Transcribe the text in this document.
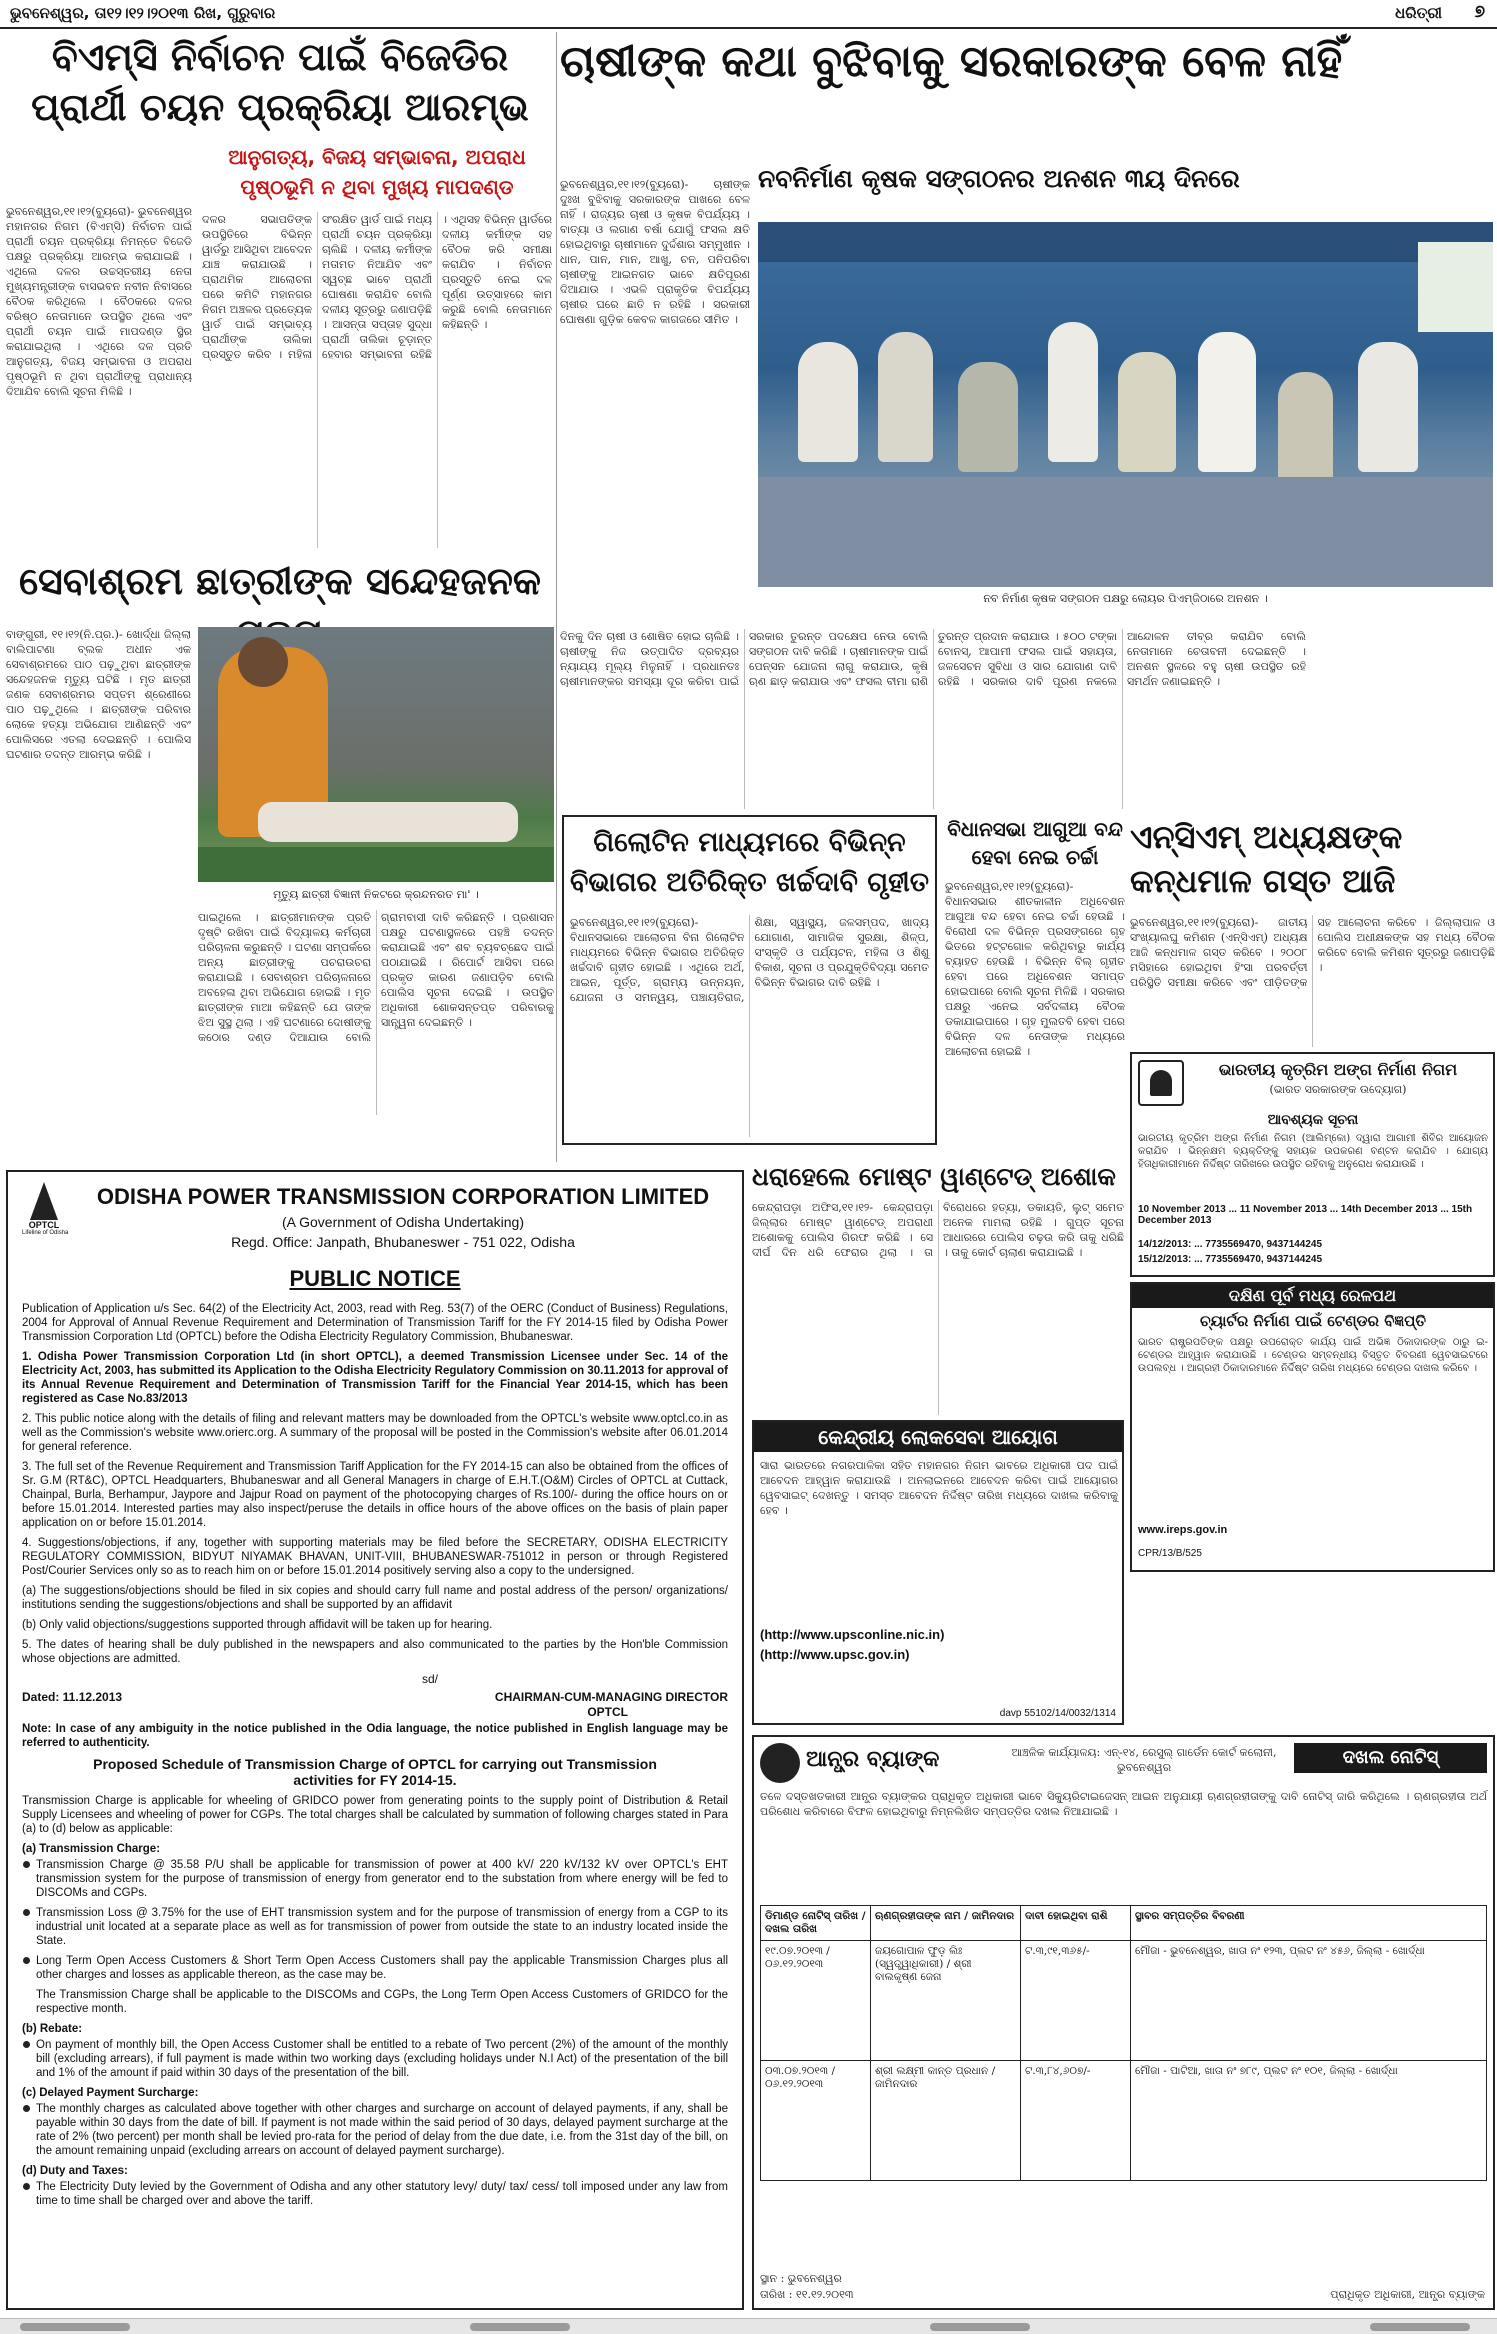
ଭୁବନେଶ୍ୱର, ତା୧୨।୧୨।୨୦୧୩ ରିଖ, ଗୁରୁବାର	ଧରିତ୍ରୀ ୭
ବିଏମ୍‌ସି ନିର୍ବାଚନ ପାଇଁ ବିଜେଡିର ପ୍ରାର୍ଥୀ ଚୟନ ପ୍ରକ୍ରିୟା ଆରମ୍ଭ
ଭୁବନେଶ୍ୱର,୧୧।୧୨(ବ୍ୟୁରୋ)- ଭୁବନେଶ୍ୱର ମହାନଗର ନିଗମ (ବିଏମ୍‌ସି) ନିର୍ବାଚନ ପାଇଁ ପ୍ରାର୍ଥୀ ଚୟନ ପ୍ରକ୍ରିୟା ନିମନ୍ତେ ବିଜେଡି ପକ୍ଷରୁ ପ୍ରକ୍ରିୟା ଆରମ୍ଭ କରାଯାଇଛି । ଏଥିଲେ ଦଳର ଉଚ୍ଚସ୍ତରୀୟ ନେତା ମୁଖ୍ୟମନ୍ତ୍ରୀଙ୍କ ବାସଭବନ ନବୀନ ନିବାସରେ ବୈଠକ କରିଥିଲେ । ବୈଠକରେ ଦଳର ବରିଷ୍ଠ ନେତାମାନେ ଉପସ୍ଥିତ ଥିଲେ ଏବଂ ପ୍ରାର୍ଥୀ ଚୟନ ପାଇଁ ମାପଦଣ୍ଡ ସ୍ଥିର କରାଯାଇଥିଲା । ଏଥିରେ ଦଳ ପ୍ରତି ଆନୁଗତ୍ୟ, ବିଜୟ ସମ୍ଭାବନା ଓ ଅପରାଧ ପୃଷ୍ଠଭୂମି ନ ଥିବା ପ୍ରାର୍ଥୀଙ୍କୁ ପ୍ରାଧାନ୍ୟ ଦିଆଯିବ ବୋଲି ସୂଚନା ମିଳିଛି ।
ଆନୁଗତ୍ୟ, ବିଜୟ ସମ୍ଭାବନା, ଅପରାଧ ପୃଷ୍ଠଭୂମି ନ ଥିବା ମୁଖ୍ୟ ମାପଦଣ୍ଡ
ଦଳର ସଭାପତିଙ୍କ ଉପସ୍ଥିତିରେ ବିଭିନ୍ନ ୱାର୍ଡରୁ ଆସିଥିବା ଆବେଦନ ଯାଞ୍ଚ କରାଯାଉଛି । ପ୍ରାଥମିକ ଆଲୋଚନା ପରେ କମିଟି ମହାନଗର ନିଗମ ଅଞ୍ଚଳର ପ୍ରତ୍ୟେକ ୱାର୍ଡ ପାଇଁ ସମ୍ଭାବ୍ୟ ପ୍ରାର୍ଥୀଙ୍କ ତାଲିକା ପ୍ରସ୍ତୁତ କରିବ । ମହିଳା ସଂରକ୍ଷିତ ୱାର୍ଡ ପାଇଁ ମଧ୍ୟ ପ୍ରାର୍ଥୀ ଚୟନ ପ୍ରକ୍ରିୟା ଚାଲିଛି । ଦଳୀୟ କର୍ମୀଙ୍କ ମତାମତ ନିଆଯିବ ଏବଂ ସ୍ୱଚ୍ଛ ଭାବେ ପ୍ରାର୍ଥୀ ଘୋଷଣା କରାଯିବ ବୋଲି ଦଳୀୟ ସୂତ୍ରରୁ ଜଣାପଡ଼ିଛି । ଆସନ୍ତା ସପ୍ତାହ ସୁଦ୍ଧା ପ୍ରାର୍ଥୀ ତାଲିକା ଚୂଡ଼ାନ୍ତ ହେବାର ସମ୍ଭାବନା ରହିଛି । ଏଥିସହ ବିଭିନ୍ନ ୱାର୍ଡରେ ଦଳୀୟ କର୍ମୀଙ୍କ ସହ ବୈଠକ କରି ସମୀକ୍ଷା କରାଯିବ । ନିର୍ବାଚନ ପ୍ରସ୍ତୁତି ନେଇ ଦଳ ପୂର୍ଣ୍ଣ ଉତ୍ସାହରେ କାମ କରୁଛି ବୋଲି ନେତାମାନେ କହିଛନ୍ତି ।
ଚାଷୀଙ୍କ କଥା ବୁଝିବାକୁ ସରକାରଙ୍କ ବେଳ ନାହିଁ
ଭୁବନେଶ୍ୱର,୧୧।୧୨(ବ୍ୟୁରୋ)- ଚାଷୀଙ୍କ ଦୁଃଖ ବୁଝିବାକୁ ସରକାରଙ୍କ ପାଖରେ ବେଳ ନାହିଁ । ରାଜ୍ୟର ଚାଷୀ ଓ କୃଷକ ବିପର୍ଯ୍ୟୟ । ବାତ୍ୟା ଓ ଲଗାଣ ବର୍ଷା ଯୋଗୁଁ ଫସଲ କ୍ଷତି ହୋଇଥିବାରୁ ଚାଷୀମାନେ ଦୁର୍ଦ୍ଦଶାର ସମ୍ମୁଖୀନ । ଧାନ, ପାନ, ମାନ, ଆଖୁ, ଚନ, ପନିପରିବା ଚାଷୀଙ୍କୁ ଆଇନଗତ ଭାବେ କ୍ଷତିପୂରଣ ଦିଆଯାଉ । ଏଭଳି ପ୍ରାକୃତିକ ବିପର୍ଯ୍ୟୟ ଚାଷୀର ଘରେ ଛାତି ନ ରହିଛି । ସରକାରୀ ଘୋଷଣା ଗୁଡ଼ିକ କେବଳ କାଗଜରେ ସୀମିତ ।
ନବନିର୍ମାଣ କୃଷକ ସଙ୍ଗଠନର ଅନଶନ ୩ୟ ଦିନରେ
ନବ ନିର୍ମାଣ କୃଷକ ସଙ୍ଗଠନ ପକ୍ଷରୁ ଲୋୟର ପିଏମ୍‌ଜିଠାରେ ଅନଶନ ।
ଦିନକୁ ଦିନ ଚାଷୀ ଓ ଶୋଷିତ ହୋଇ ଚାଲିଛି । ଚାଷୀଙ୍କୁ ନିଜ ଉତ୍ପାଦିତ ଦ୍ରବ୍ୟର ନ୍ୟାଯ୍ୟ ମୂଲ୍ୟ ମିଳୁନାହିଁ । ପ୍ରଧାନତଃ ଚାଷୀମାନଙ୍କର ସମସ୍ୟା ଦୂର କରିବା ପାଇଁ ସରକାର ତୁରନ୍ତ ପଦକ୍ଷେପ ନେଉ ବୋଲି ସଙ୍ଗଠନ ଦାବି କରିଛି । ଚାଷୀମାନଙ୍କ ପାଇଁ ପେନ୍‌ସନ ଯୋଜନା ଲାଗୁ କରାଯାଉ, କୃଷି ଋଣ ଛାଡ଼ କରାଯାଉ ଏବଂ ଫସଲ ବୀମା ରାଶି ତୁରନ୍ତ ପ୍ରଦାନ କରାଯାଉ । ୫୦୦ ଟଙ୍କା ବୋନସ୍‌, ଆପାମୀ ଫସଲ ପାଇଁ ସହାୟତା, ଜଳସେଚନ ସୁବିଧା ଓ ସାର ଯୋଗାଣ ଦାବି ରହିଛି । ସରକାର ଦାବି ପୂରଣ ନକଲେ ଆନ୍ଦୋଳନ ତୀବ୍ର କରାଯିବ ବୋଲି ନେତାମାନେ ଚେତାବନୀ ଦେଇଛନ୍ତି । ଅନଶନ ସ୍ଥଳରେ ବହୁ ଚାଷୀ ଉପସ୍ଥିତ ରହି ସମର୍ଥନ ଜଣାଇଛନ୍ତି ।
ସେବାଶ୍ରମ ଛାତ୍ରୀଙ୍କ ସନ୍ଦେହଜନକ
ବାଙ୍ଗୁରୀ, ୧୧।୧୨(ନି.ପ୍ର.)- ଖୋର୍ଦ୍ଧା ଜିଲ୍ଲା ବାଲିପାଟଣା ବ୍ଲକ ଅଧୀନ ଏକ ସେବାଶ୍ରମରେ ପାଠ ପଢ଼ୁଥିବା ଛାତ୍ରୀଙ୍କ ସନ୍ଦେହଜନକ ମୃତ୍ୟୁ ଘଟିଛି । ମୃତ ଛାତ୍ରୀ ଜଣକ ସେବାଶ୍ରମର ସପ୍ତମ ଶ୍ରେଣୀରେ ପାଠ ପଢ଼ୁଥିଲେ । ଛାତ୍ରୀଙ୍କ ପରିବାର ଲୋକେ ହତ୍ୟା ଅଭିଯୋଗ ଆଣିଛନ୍ତି ଏବଂ ପୋଲିସରେ ଏତଲା ଦେଇଛନ୍ତି । ପୋଲିସ ଘଟଣାର ତଦନ୍ତ ଆରମ୍ଭ କରିଛି ।
ମୃତ୍ୟୁ ଛାତ୍ରୀ ବିଜ୍ଞାନୀ ନିକଟରେ କ୍ରନ୍ଦନରତ ମା' ।
ପାଇଥିଲେ । ଛାତ୍ରୀମାନଙ୍କ ପ୍ରତି ଦୃଷ୍ଟି ରଖିବା ପାଇଁ ବିଦ୍ୟାଳୟ କର୍ମଚାରୀ ପରିଚାଳନା କରୁଛନ୍ତି । ଘଟଣା ସମ୍ପର୍କରେ ଅନ୍ୟ ଛାତ୍ରୀଙ୍କୁ ପଚରାଉଚରା କରାଯାଇଛି । ସେବାଶ୍ରମ ପରିଚାଳନାରେ ଅବହେଳା ଥିବା ଅଭିଯୋଗ ହୋଇଛି । ମୃତ ଛାତ୍ରୀଙ୍କ ମାଆ କହିଛନ୍ତି ଯେ ତାଙ୍କ ଝିଅ ସୁସ୍ଥ ଥିଲା । ଏହି ଘଟଣାରେ ଦୋଷୀଙ୍କୁ କଠୋର ଦଣ୍ଡ ଦିଆଯାଉ ବୋଲି ଗ୍ରାମବାସୀ ଦାବି କରିଛନ୍ତି । ପ୍ରଶାସନ ପକ୍ଷରୁ ଘଟଣାସ୍ଥଳରେ ପହଞ୍ଚି ତଦନ୍ତ କରାଯାଇଛି ଏବଂ ଶବ ବ୍ୟବଚ୍ଛେଦ ପାଇଁ ପଠାଯାଇଛି । ରିପୋର୍ଟ ଆସିବା ପରେ ପ୍ରକୃତ କାରଣ ଜଣାପଡ଼ିବ ବୋଲି ପୋଲିସ ସୂଚନା ଦେଇଛି । ଉପସ୍ଥିତ ଅଧିକାରୀ ଶୋକସନ୍ତପ୍ତ ପରିବାରକୁ ସାନ୍ତ୍ୱନା ଦେଇଛନ୍ତି ।
ଗିଲୋଟିନ ମାଧ୍ୟମରେ ବିଭିନ୍ନ ବିଭାଗର ଅତିରିକ୍ତ ଖର୍ଚ୍ଚଦାବି ଗୃହୀତ
ଭୁବନେଶ୍ୱର,୧୧।୧୨(ବ୍ୟୁରୋ)- ବିଧାନସଭାରେ ଆଲୋଚନା ବିନା ଗିଲୋଟିନ ମାଧ୍ୟମରେ ବିଭିନ୍ନ ବିଭାଗର ଅତିରିକ୍ତ ଖର୍ଚ୍ଚଦାବି ଗୃହୀତ ହୋଇଛି । ଏଥିରେ ଅର୍ଥ, ଆଇନ, ପୂର୍ତ୍ତ, ଗ୍ରାମ୍ୟ ଉନ୍ନୟନ, ଯୋଜନା ଓ ସମନ୍ୱୟ, ପଞ୍ଚାୟତିରାଜ, ଶିକ୍ଷା, ସ୍ୱାସ୍ଥ୍ୟ, ଜଳସମ୍ପଦ, ଖାଦ୍ୟ ଯୋଗାଣ, ସାମାଜିକ ସୁରକ୍ଷା, ଶିଳ୍ପ, ସଂସ୍କୃତି ଓ ପର୍ଯ୍ୟଟନ, ମହିଳା ଓ ଶିଶୁ ବିକାଶ, ସୂଚନା ଓ ପ୍ରଯୁକ୍ତିବିଦ୍ୟା ସମେତ ବିଭିନ୍ନ ବିଭାଗର ଦାବି ରହିଛି ।
ବିଧାନସଭା ଆଗୁଆ ବନ୍ଦ ହେବା ନେଇ ଚର୍ଚ୍ଚା
ଭୁବନେଶ୍ୱର,୧୧।୧୨(ବ୍ୟୁରୋ)- ବିଧାନସଭାର ଶୀତକାଳୀନ ଅଧିବେଶନ ଆଗୁଆ ବନ୍ଦ ହେବା ନେଇ ଚର୍ଚ୍ଚା ହେଉଛି । ବିରୋଧୀ ଦଳ ବିଭିନ୍ନ ପ୍ରସଙ୍ଗରେ ଗୃହ ଭିତରେ ହଟ୍ଟଗୋଳ କରିଥିବାରୁ କାର୍ଯ୍ୟ ବ୍ୟାହତ ହେଉଛି । ବିଭିନ୍ନ ବିଲ୍ ଗୃହୀତ ହେବା ପରେ ଅଧିବେଶନ ସମାପ୍ତ ହୋଇପାରେ ବୋଲି ସୂଚନା ମିଳିଛି । ସରକାର ପକ୍ଷରୁ ଏନେଇ ସର୍ବଦଳୀୟ ବୈଠକ ଡକାଯାଇପାରେ । ଗୃହ ମୁଲତବି ହେବା ପରେ ବିଭିନ୍ନ ଦଳ ନେତାଙ୍କ ମଧ୍ୟରେ ଆଲୋଚନା ହୋଇଛି ।
ଏନ୍‌ସିଏମ୍ ଅଧ୍ୟକ୍ଷଙ୍କ କନ୍ଧମାଳ ଗସ୍ତ ଆଜି
ଭୁବନେଶ୍ୱର,୧୧।୧୨(ବ୍ୟୁରୋ)- ଜାତୀୟ ସଂଖ୍ୟାଲଘୁ କମିଶନ (ଏନ୍‌ସିଏମ୍) ଅଧ୍ୟକ୍ଷ ଆଜି କନ୍ଧମାଳ ଗସ୍ତ କରିବେ । ୨୦୦୮ ମସିହାରେ ହୋଇଥିବା ହିଂସା ପରବର୍ତ୍ତୀ ପରିସ୍ଥିତି ସମୀକ୍ଷା କରିବେ ଏବଂ ପୀଡ଼ିତଙ୍କ ସହ ଆଲୋଚନା କରିବେ । ଜିଲ୍ଲାପାଳ ଓ ପୋଲିସ ଅଧୀକ୍ଷକଙ୍କ ସହ ମଧ୍ୟ ବୈଠକ କରିବେ ବୋଲି କମିଶନ ସୂତ୍ରରୁ ଜଣାପଡ଼ିଛି ।
ଭାରତୀୟ କୃତ୍ରିମ ଅଙ୍ଗ ନିର୍ମାଣ ନିଗମ
(ଭାରତ ସରକାରଙ୍କ ଉଦ୍ୟୋଗ)
ଆବଶ୍ୟକ ସୂଚନା
ଭାରତୀୟ କୃତ୍ରିମ ଅଙ୍ଗ ନିର୍ମାଣ ନିଗମ (ଆଲିମ୍‌କୋ) ଦ୍ୱାରା ଆଗାମୀ ଶିବିର ଆୟୋଜନ କରାଯିବ । ଭିନ୍ନକ୍ଷମ ବ୍ୟକ୍ତିଙ୍କୁ ସହାୟକ ଉପକରଣ ବଣ୍ଟନ କରାଯିବ । ଯୋଗ୍ୟ ହିତାଧିକାରୀମାନେ ନିର୍ଦ୍ଦିଷ୍ଟ ତାରିଖରେ ଉପସ୍ଥିତ ରହିବାକୁ ଅନୁରୋଧ କରାଯାଉଛି ।
10 November 2013 ... 11 November 2013 ... 14th December 2013 ... 15th December 2013
14/12/2013: ... 7735569470, 9437144245
15/12/2013: ... 7735569470, 9437144245
ଦକ୍ଷିଣ ପୂର୍ବ ମଧ୍ୟ ରେଳପଥ
ଚ୍ୟାର୍ଟର ନିର୍ମାଣ ପାଇଁ ଟେଣ୍ଡର ବିଜ୍ଞପ୍ତି
ଭାରତ ରାଷ୍ଟ୍ରପତିଙ୍କ ପକ୍ଷରୁ ଉପରୋକ୍ତ କାର୍ଯ୍ୟ ପାଇଁ ଅଭିଜ୍ଞ ଠିକାଦାରଙ୍କ ଠାରୁ ଇ-ଟେଣ୍ଡର ଆହ୍ୱାନ କରାଯାଉଛି । ଟେଣ୍ଡର ସମ୍ବନ୍ଧୀୟ ବିସ୍ତୃତ ବିବରଣୀ ୱେବସାଇଟରେ ଉପଲବ୍ଧ । ଆଗ୍ରହୀ ଠିକାଦାରମାନେ ନିର୍ଦ୍ଦିଷ୍ଟ ତାରିଖ ମଧ୍ୟରେ ଟେଣ୍ଡର ଦାଖଲ କରିବେ ।
www.ireps.gov.in
CPR/13/B/525
ଧରାହେଲେ ମୋଷ୍ଟ ୱାଣ୍ଟେଡ୍ ଅଶୋକ
କେନ୍ଦ୍ରାପଡ଼ା ଅଫିସ,୧୧।୧୨- କେନ୍ଦ୍ରାପଡ଼ା ଜିଲ୍ଲାର ମୋଷ୍ଟ ୱାଣ୍ଟେଡ୍ ଅପରାଧୀ ଅଶୋକକୁ ପୋଲିସ ଗିରଫ କରିଛି । ସେ ଦୀର୍ଘ ଦିନ ଧରି ଫେରାର ଥିଲା । ତା ବିରୋଧରେ ହତ୍ୟା, ଡକାୟତି, ଲୁଟ୍ ସମେତ ଅନେକ ମାମଲା ରହିଛି । ଗୁପ୍ତ ସୂଚନା ଆଧାରରେ ପୋଲିସ ଚଢ଼ଉ କରି ତାକୁ ଧରିଛି । ତାକୁ କୋର୍ଟ ଚାଲାଣ କରାଯାଇଛି ।
କେନ୍ଦ୍ରୀୟ ଲୋକସେବା ଆୟୋଗ
ସାରା ଭାରତରେ ନଗରପାଳିକା ସହିତ ମହାନଗର ନିଗମ ଭାବରେ ଅଧିକାରୀ ପଦ ପାଇଁ ଆବେଦନ ଆହ୍ୱାନ କରାଯାଉଛି । ଅନଲାଇନରେ ଆବେଦନ କରିବା ପାଇଁ ଆୟୋଗର ୱେବସାଇଟ୍ ଦେଖନ୍ତୁ । ସମସ୍ତ ଆବେଦନ ନିର୍ଦ୍ଦିଷ୍ଟ ତାରିଖ ମଧ୍ୟରେ ଦାଖଲ କରିବାକୁ ହେବ ।
(http://www.upsconline.nic.in)
(http://www.upsc.gov.in)
davp 55102/14/0032/1314
ଆନ୍ଧ୍ର ବ୍ୟାଙ୍କ	ଆଞ୍ଚଳିକ କାର୍ଯ୍ୟାଳୟ: ଏନ୍-୧୪, ରେସୁଲ୍ ଗାର୍ଡେନ କୋର୍ଟ କଲୋନୀ, ଭୁବନେଶ୍ୱର	ଦଖଲ ନୋଟିସ୍
ତଳେ ଦସ୍ତଖତକାରୀ ଆନ୍ଧ୍ର ବ୍ୟାଙ୍କର ପ୍ରାଧିକୃତ ଅଧିକାରୀ ଭାବେ ସିକ୍ୟୁରିଟାଇଜେସନ୍ ଆଇନ ଅନୁଯାୟୀ ଋଣଗ୍ରହୀତାଙ୍କୁ ଦାବି ନୋଟିସ୍ ଜାରି କରିଥିଲେ । ଋଣଗ୍ରହୀତା ଅର୍ଥ ପରିଶୋଧ କରିବାରେ ବିଫଳ ହୋଇଥିବାରୁ ନିମ୍ନଲିଖିତ ସମ୍ପତ୍ତିର ଦଖଲ ନିଆଯାଇଛି ।
ଡିମାଣ୍ଡ ନୋଟିସ୍ ତାରିଖ / ଦଖଲ ତାରିଖ	ଋଣଗ୍ରହୀତାଙ୍କ ନାମ / ଜାମିନଦାର	ଦାବୀ ହୋଇଥିବା ରାଶି	ସ୍ଥାବର ସମ୍ପତ୍ତିର ବିବରଣୀ
୧୯.୦୭.୨୦୧୩ / ୦୬.୧୨.୨୦୧୩	ଜୟଗୋପାଳ ଫୁଡ଼ ଲିଃ (ସ୍ୱତ୍ତ୍ୱାଧିକାରୀ) / ଶ୍ରୀ ବାଲକୃଷ୍ଣ ଜେନା	ଟ.୩,୯୧,୩୬୫/-	ମୌଜା - ଭୁବନେଶ୍ୱର, ଖାତା ନଂ ୧୨୩, ପ୍ଲଟ ନଂ ୪୫୬, ଜିଲ୍ଲା - ଖୋର୍ଦ୍ଧା
୦୩.୦୭.୨୦୧୩ / ୦୬.୧୨.୨୦୧୩	ଶ୍ରୀ ଲକ୍ଷ୍ମୀ କାନ୍ତ ପ୍ରଧାନ / ଜାମିନଦାର	ଟ.୩,୮୪,୬୦୭/-	ମୌଜା - ପାଟିଆ, ଖାତା ନଂ ୭୮୯, ପ୍ଲଟ ନଂ ୧୦୧, ଜିଲ୍ଲା - ଖୋର୍ଦ୍ଧା
ସ୍ଥାନ : ଭୁବନେଶ୍ୱର
ତାରିଖ : ୧୧.୧୨.୨୦୧୩	ପ୍ରାଧିକୃତ ଅଧିକାରୀ, ଆନ୍ଧ୍ର ବ୍ୟାଙ୍କ
OPTCL
Lifeline of Odisha
ODISHA POWER TRANSMISSION CORPORATION LIMITED
(A Government of Odisha Undertaking)
Regd. Office: Janpath, Bhubaneswer - 751 022, Odisha
PUBLIC NOTICE

Publication of Application u/s Sec. 64(2) of the Electricity Act, 2003, read with Reg. 53(7) of the OERC (Conduct of Business) Regulations, 2004 for Approval of Annual Revenue Requirement and Determination of Transmission Tariff for the FY 2014-15 filed by Odisha Power Transmission Corporation Ltd (OPTCL) before the Odisha Electricity Regulatory Commission, Bhubaneswar.

1. Odisha Power Transmission Corporation Ltd (in short OPTCL), a deemed Transmission Licensee under Sec. 14 of the Electricity Act, 2003, has submitted its Application to the Odisha Electricity Regulatory Commission on 30.11.2013 for approval of its Annual Revenue Requirement and Determination of Transmission Tariff for the Financial Year 2014-15, which has been registered as Case No.83/2013

2. This public notice along with the details of filing and relevant matters may be downloaded from the OPTCL's website www.optcl.co.in as well as the Commission's website www.orierc.org. A summary of the proposal will be posted in the Commission's website after 06.01.2014 for general reference.

3. The full set of the Revenue Requirement and Transmission Tariff Application for the FY 2014-15 can also be obtained from the offices of Sr. G.M (RT&C), OPTCL Headquarters, Bhubaneswar and all General Managers in charge of E.H.T.(O&M) Circles of OPTCL at Cuttack, Chainpal, Burla, Berhampur, Jaypore and Jajpur Road on payment of the photocopying charges of Rs.100/- during the office hours on or before 15.01.2014. Interested parties may also inspect/peruse the details in office hours of the above offices on the basis of plain paper application on or before 15.01.2014.

4. Suggestions/objections, if any, together with supporting materials may be filed before the SECRETARY, ODISHA ELECTRICITY REGULATORY COMMISSION, BIDYUT NIYAMAK BHAVAN, UNIT-VIII, BHUBANESWAR-751012 in person or through Registered Post/Courier Services only so as to reach him on or before 15.01.2014 positively serving also a copy to the undersigned.

(a) The suggestions/objections should be filed in six copies and should carry full name and postal address of the person/ organizations/ institutions sending the suggestions/objections and shall be supported by an affidavit

(b) Only valid objections/suggestions supported through affidavit will be taken up for hearing.

5. The dates of hearing shall be duly published in the newspapers and also communicated to the parties by the Hon'ble Commission whose objections are admitted.

sd/
Dated: 11.12.2013	CHAIRMAN-CUM-MANAGING DIRECTOR
OPTCL

Note: In case of any ambiguity in the notice published in the Odia language, the notice published in English language may be referred to authenticity.

Proposed Schedule of Transmission Charge of OPTCL for carrying out Transmission activities for FY 2014-15.

Transmission Charge is applicable for wheeling of GRIDCO power from generating points to the supply point of Distribution & Retail Supply Licensees and wheeling of power for CGPs. The total charges shall be calculated by summation of following charges stated in Para (a) to (d) below as applicable:

(a) Transmission Charge:

Transmission Charge @ 35.58 P/U shall be applicable for transmission of power at 400 kV/ 220 kV/132 kV over OPTCL's EHT transmission system for the purpose of transmission of energy from generator end to the substation from where energy will be fed to DISCOMs and CGPs.

Transmission Loss @ 3.75% for the use of EHT transmission system and for the purpose of transmission of energy from a CGP to its industrial unit located at a separate place as well as for transmission of power from outside the state to an industry located inside the State.

Long Term Open Access Customers & Short Term Open Access Customers shall pay the applicable Transmission Charges plus all other charges and losses as applicable thereon, as the case may be.

The Transmission Charge shall be applicable to the DISCOMs and CGPs, the Long Term Open Access Customers of GRIDCO for the respective month.

(b) Rebate:

On payment of monthly bill, the Open Access Customer shall be entitled to a rebate of Two percent (2%) of the amount of the monthly bill (excluding arrears), if full payment is made within two working days (excluding holidays under N.I Act) of the presentation of the bill and 1% of the amount if paid within 30 days of the presentation of the bill.

(c) Delayed Payment Surcharge:

The monthly charges as calculated above together with other charges and surcharge on account of delayed payments, if any, shall be payable within 30 days from the date of bill. If payment is not made within the said period of 30 days, delayed payment surcharge at the rate of 2% (two percent) per month shall be levied pro-rata for the period of delay from the due date, i.e. from the 31st day of the bill, on the amount remaining unpaid (excluding arrears on account of delayed payment surcharge).

(d) Duty and Taxes:

The Electricity Duty levied by the Government of Odisha and any other statutory levy/ duty/ tax/ cess/ toll imposed under any law from time to time shall be charged over and above the tariff.
